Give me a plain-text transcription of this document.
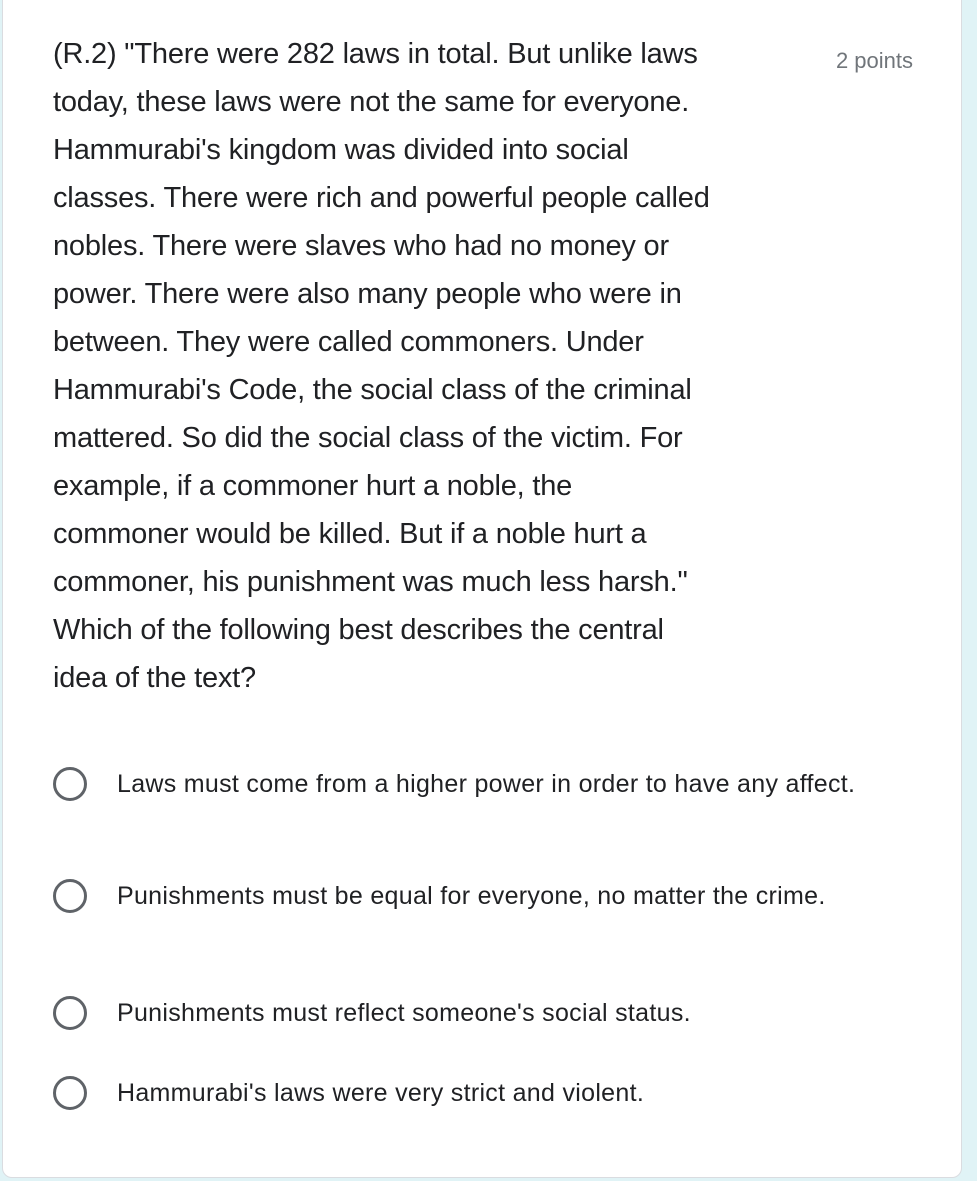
(R.2) "There were 282 laws in total. But unlike laws
today, these laws were not the same for everyone.
Hammurabi's kingdom was divided into social
classes. There were rich and powerful people called
nobles. There were slaves who had no money or
power. There were also many people who were in
between. They were called commoners. Under
Hammurabi's Code, the social class of the criminal
mattered. So did the social class of the victim. For
example, if a commoner hurt a noble, the
commoner would be killed. But if a noble hurt a
commoner, his punishment was much less harsh."
Which of the following best describes the central
idea of the text?
2 points
Laws must come from a higher power in order to have any affect.
Punishments must be equal for everyone, no matter the crime.
Punishments must reflect someone's social status.
Hammurabi's laws were very strict and violent.
